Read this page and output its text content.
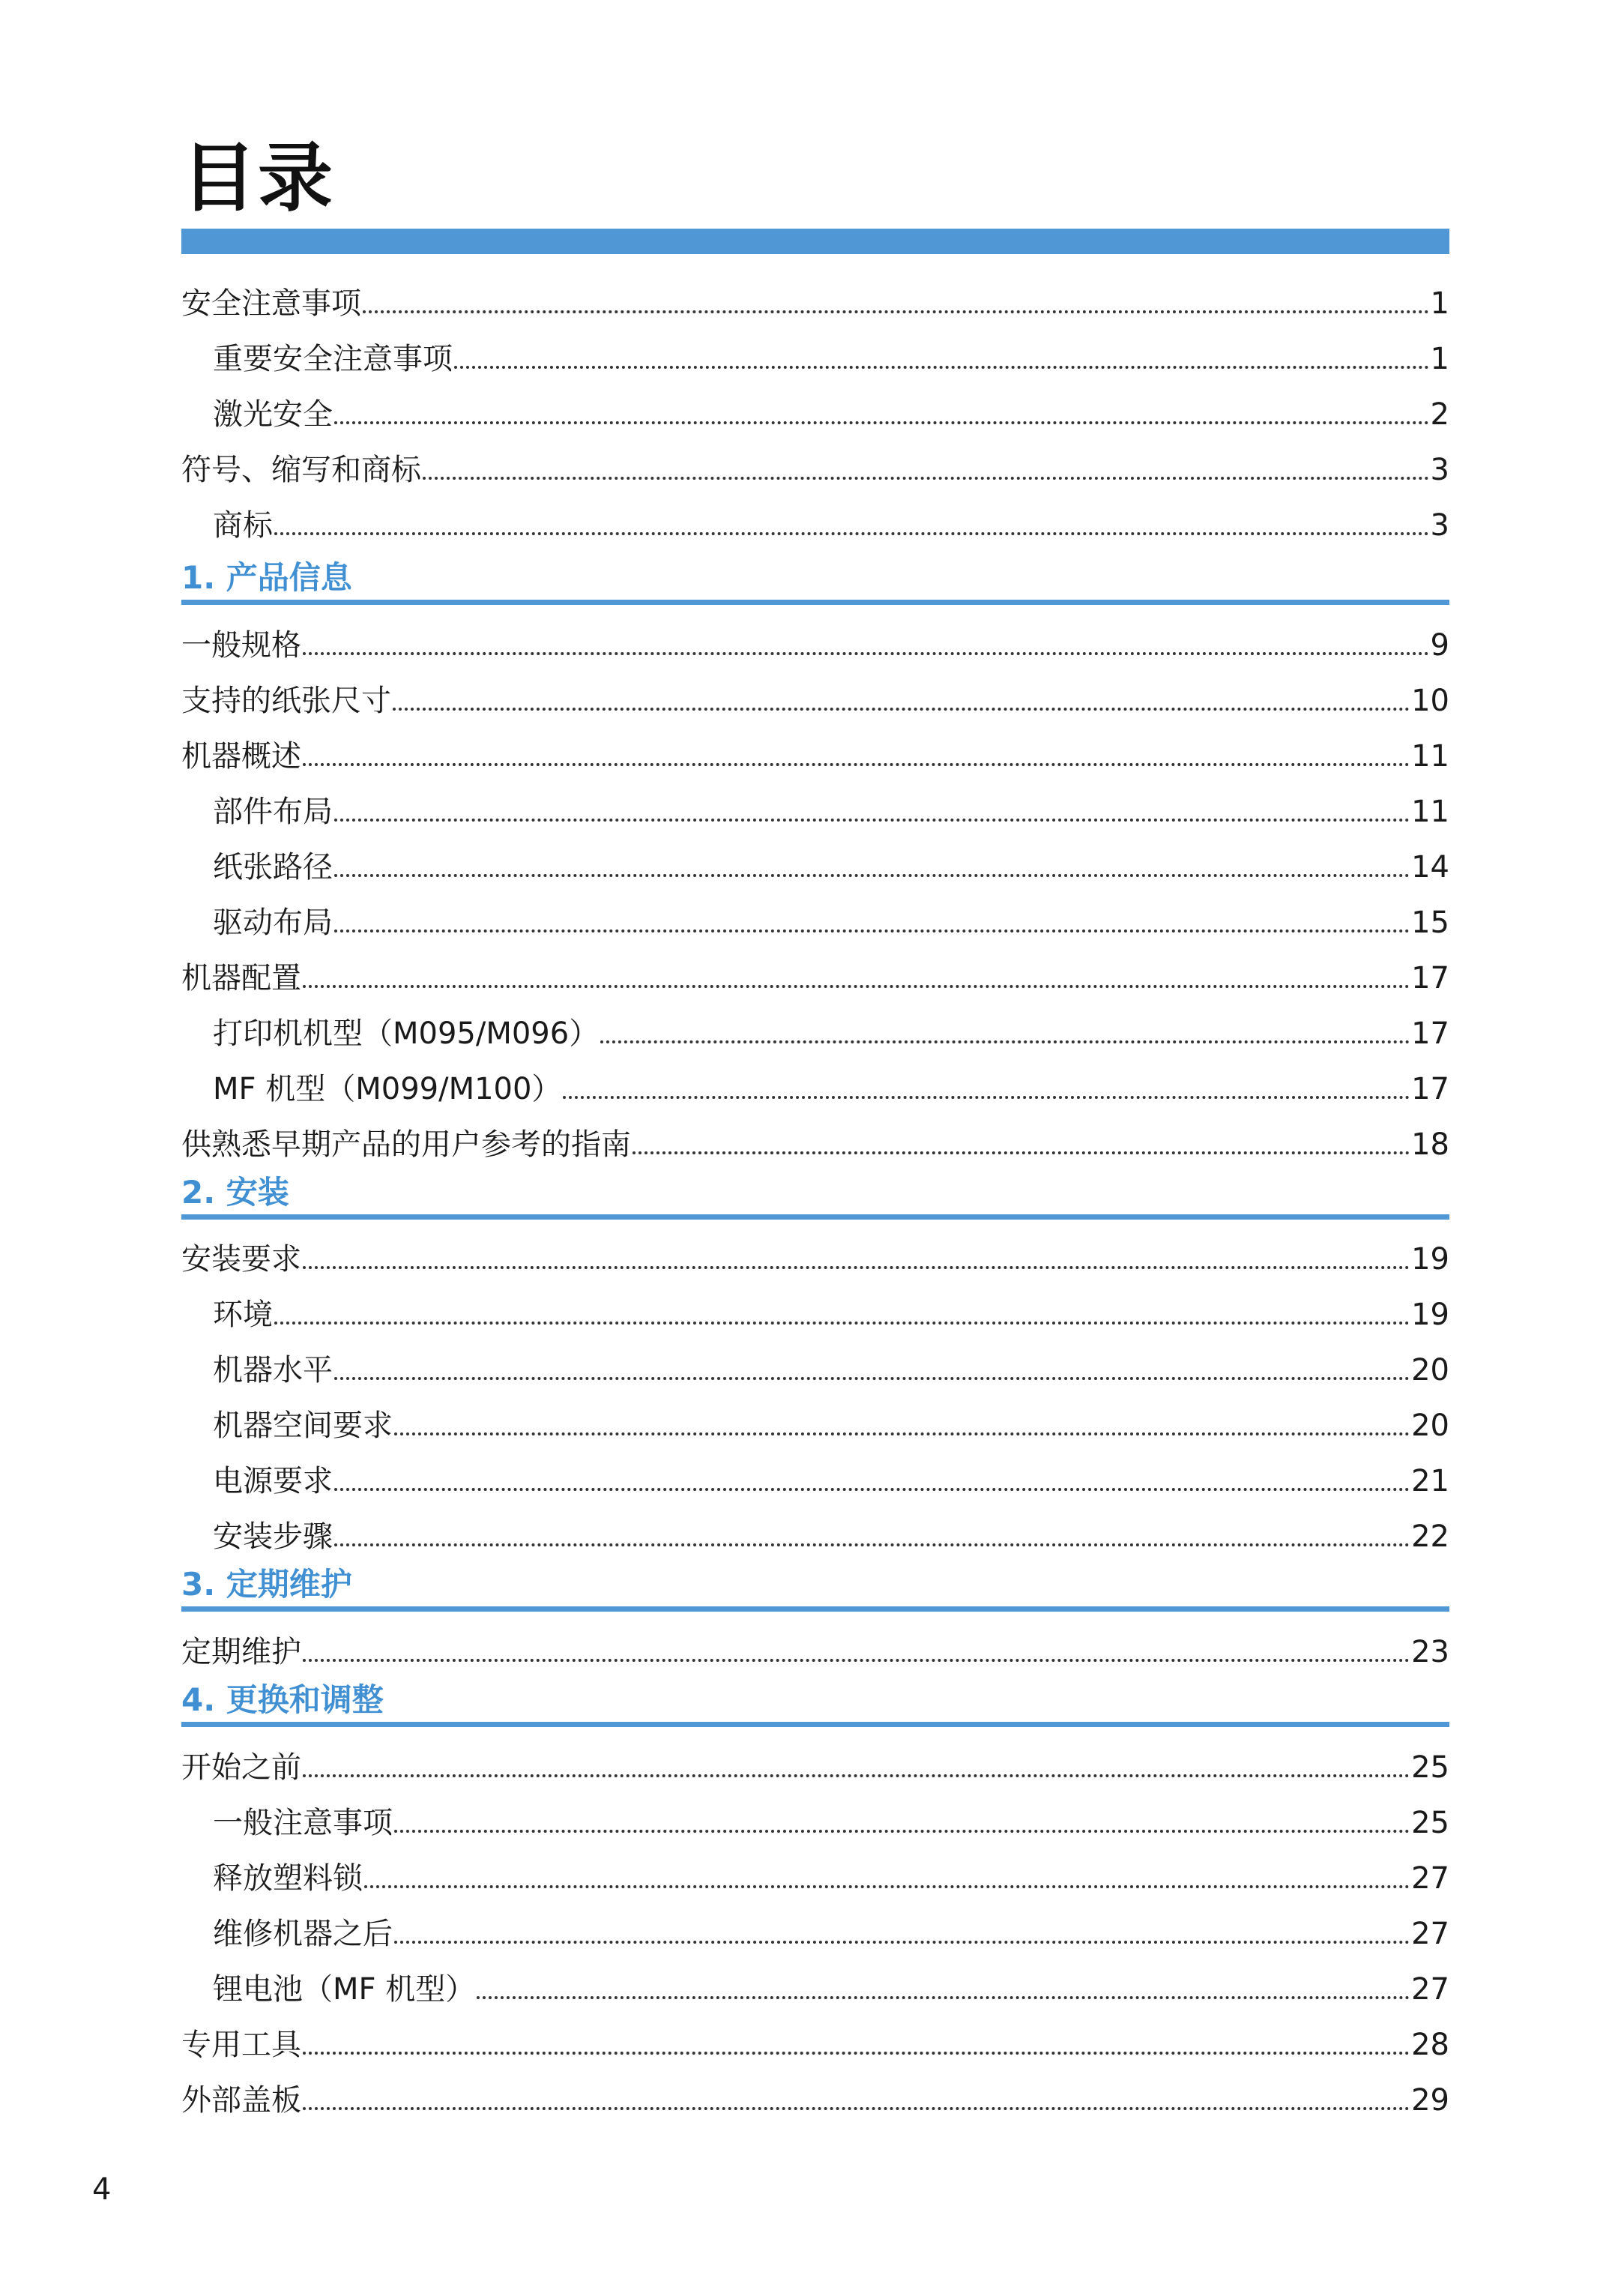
目录
安全注意事项	1
重要安全注意事项	1
激光安全	2
符号、缩写和商标	3
商标	3
1. 产品信息
一般规格	9
支持的纸张尺寸	10
机器概述	11
部件布局	11
纸张路径	14
驱动布局	15
机器配置	17
打印机机型（M095/M096）	17
MF 机型（M099/M100）	17
供熟悉早期产品的用户参考的指南	18
2. 安装
安装要求	19
环境	19
机器水平	20
机器空间要求	20
电源要求	21
安装步骤	22
3. 定期维护
定期维护	23
4. 更换和调整
开始之前	25
一般注意事项	25
释放塑料锁	27
维修机器之后	27
锂电池（MF 机型）	27
专用工具	28
外部盖板	29
4
